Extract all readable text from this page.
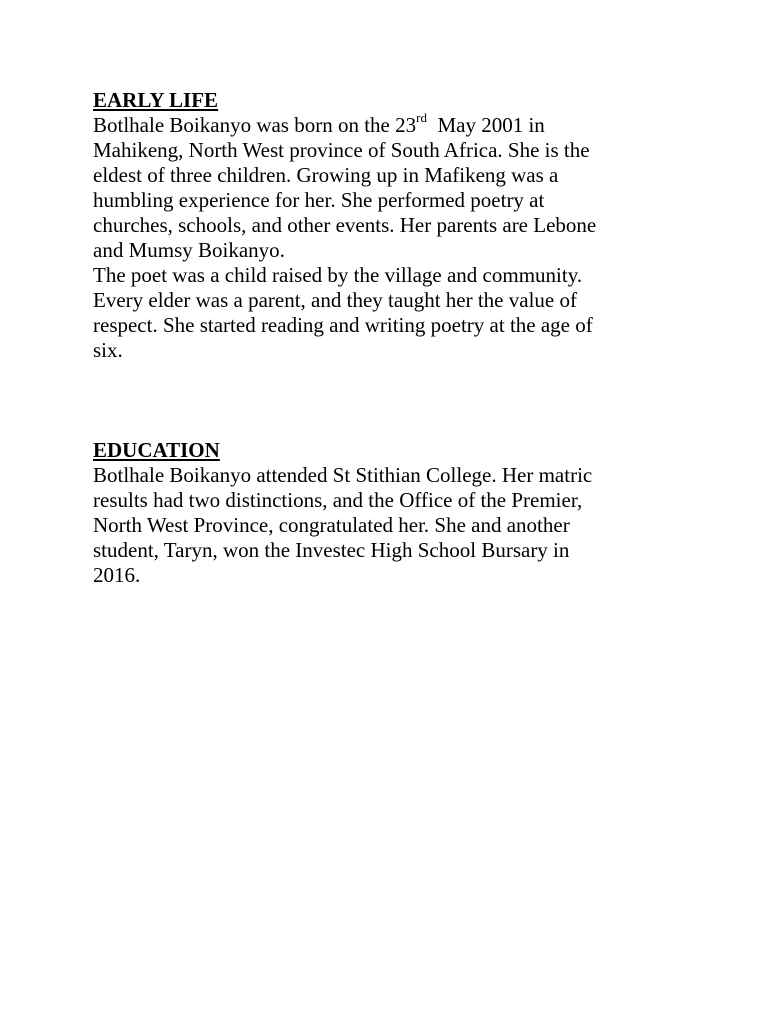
EARLY LIFE
Botlhale Boikanyo was born on the 23rd  May 2001 in
Mahikeng, North West province of South Africa. She is the
eldest of three children. Growing up in Mafikeng was a
humbling experience for her. She performed poetry at
churches, schools, and other events. Her parents are Lebone
and Mumsy Boikanyo.
The poet was a child raised by the village and community.
Every elder was a parent, and they taught her the value of
respect. She started reading and writing poetry at the age of
six.
EDUCATION
Botlhale Boikanyo attended St Stithian College. Her matric
results had two distinctions, and the Office of the Premier,
North West Province, congratulated her. She and another
student, Taryn, won the Investec High School Bursary in
2016.
